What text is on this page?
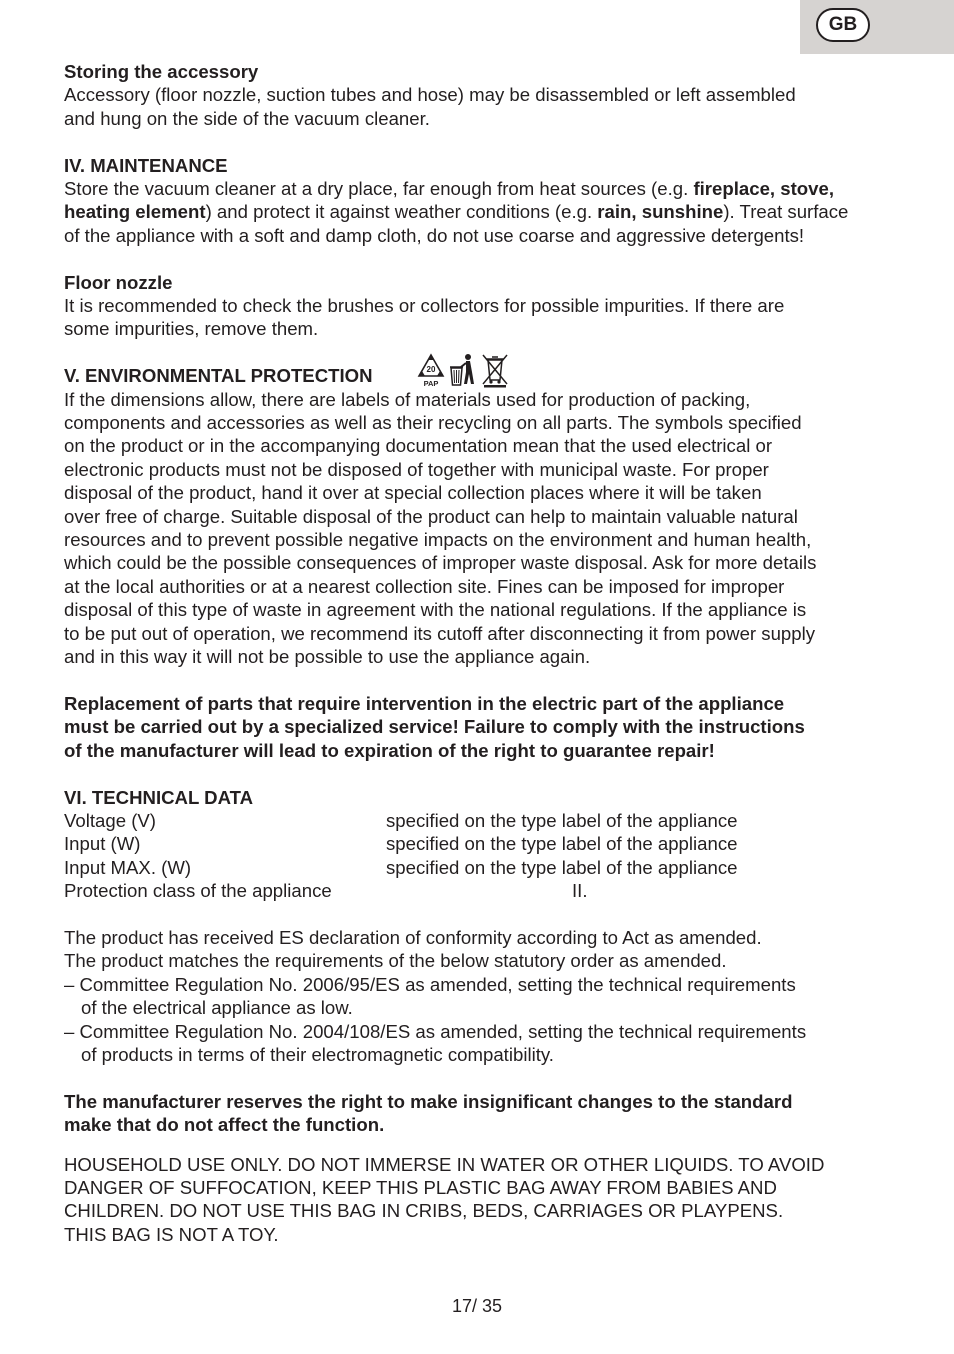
GB

Storing the accessory

Accessory (floor nozzle, suction tubes and hose) may be disassembled or left assembled

and hung on the side of the vacuum cleaner.

IV. MAINTENANCE

Store the vacuum cleaner at a dry place, far enough from heat sources (e.g. fireplace, stove,

heating element) and protect it against weather conditions (e.g. rain, sunshine). Treat surface

of the appliance with a soft and damp cloth, do not use coarse and aggressive detergents!

Floor nozzle

It is recommended to check the brushes or collectors for possible impurities. If there are

some impurities, remove them.

V. ENVIRONMENTAL PROTECTION	20
PAP

If the dimensions allow, there are labels of materials used for production of packing,

components and accessories as well as their recycling on all parts. The symbols specified

on the product or in the accompanying documentation mean that the used electrical or

electronic products must not be disposed of together with municipal waste. For proper

disposal of the product, hand it over at special collection places where it will be taken

over free of charge. Suitable disposal of the product can help to maintain valuable natural

resources and to prevent possible negative impacts on the environment and human health,

which could be the possible consequences of improper waste disposal. Ask for more details

at the local authorities or at a nearest collection site. Fines can be imposed for improper

disposal of this type of waste in agreement with the national regulations. If the appliance is

to be put out of operation, we recommend its cutoff after disconnecting it from power supply

and in this way it will not be possible to use the appliance again.

Replacement of parts that require intervention in the electric part of the appliance

must be carried out by a specialized service! Failure to comply with the instructions

of the manufacturer will lead to expiration of the right to guarantee repair!

VI. TECHNICAL DATA

Voltage (V)	specified on the type label of the appliance
Input (W)	specified on the type label of the appliance
Input MAX. (W)	specified on the type label of the appliance
Protection class of the appliance	II.

The product has received ES declaration of conformity according to Act as amended.

The product matches the requirements of the below statutory order as amended.

– Committee Regulation No. 2006/95/ES as amended, setting the technical requirements

of the electrical appliance as low.

– Committee Regulation No. 2004/108/ES as amended, setting the technical requirements

of products in terms of their electromagnetic compatibility.

The manufacturer reserves the right to make insignificant changes to the standard

make that do not affect the function.

HOUSEHOLD USE ONLY. DO NOT IMMERSE IN WATER OR OTHER LIQUIDS. TO AVOID

DANGER OF SUFFOCATION, KEEP THIS PLASTIC BAG AWAY FROM BABIES AND

CHILDREN. DO NOT USE THIS BAG IN CRIBS, BEDS, CARRIAGES OR PLAYPENS.

THIS BAG IS NOT A TOY.

17/ 35
